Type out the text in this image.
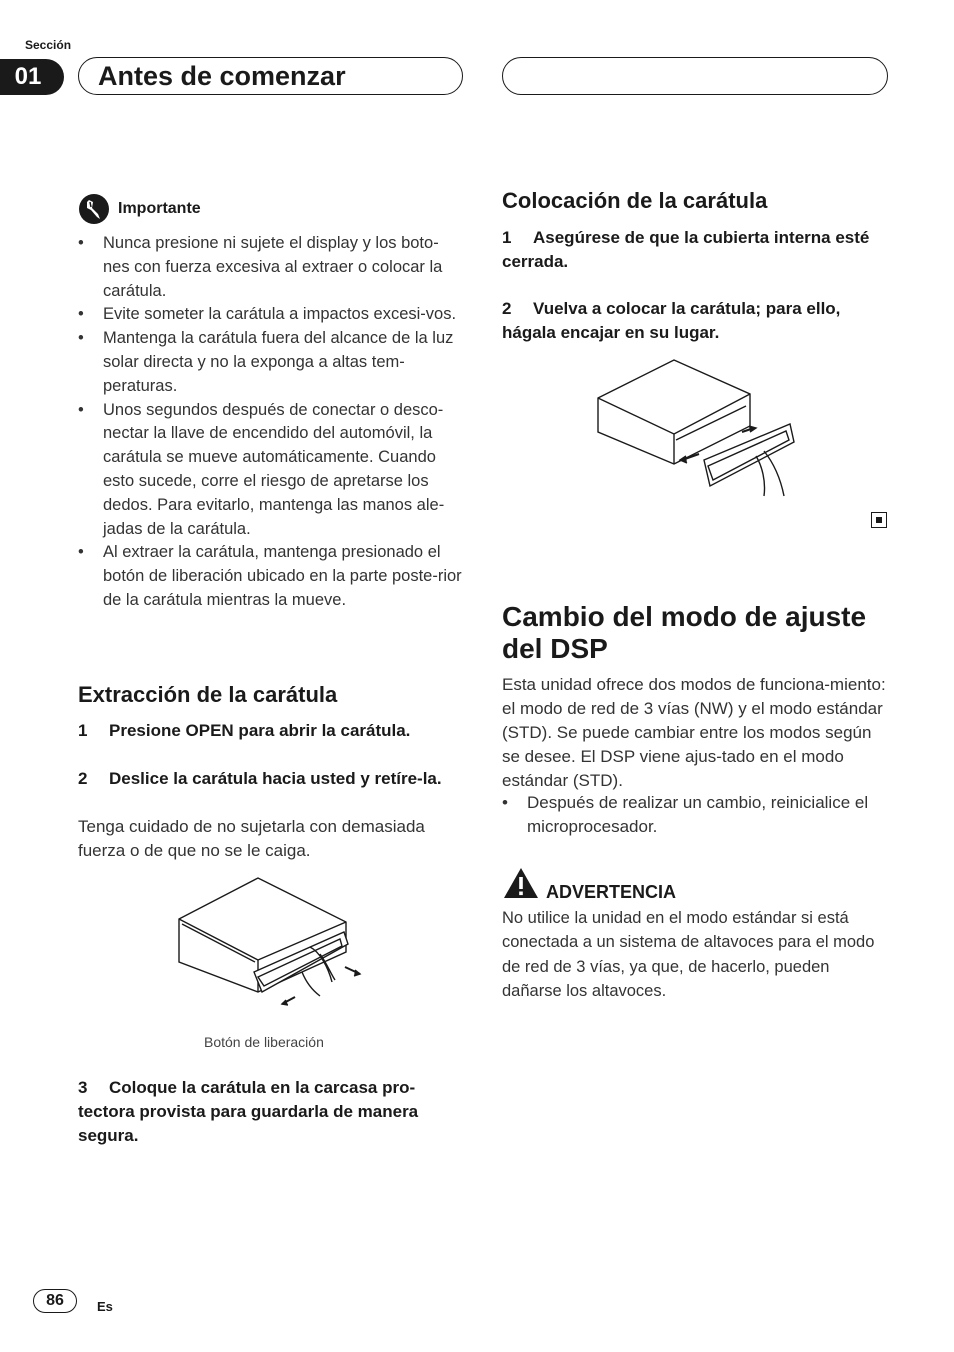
Sección
01	Antes de comenzar
Importante
• Nunca presione ni sujete el display y los boto-nes con fuerza excesiva al extraer o colocar la carátula.
• Evite someter la carátula a impactos excesi-vos.
• Mantenga la carátula fuera del alcance de la luz solar directa y no la exponga a altas tem-peraturas.
• Unos segundos después de conectar o desco-nectar la llave de encendido del automóvil, la carátula se mueve automáticamente. Cuando esto sucede, corre el riesgo de apretarse los dedos. Para evitarlo, mantenga las manos ale-jadas de la carátula.
• Al extraer la carátula, mantenga presionado el botón de liberación ubicado en la parte poste-rior de la carátula mientras la mueve.
Extracción de la carátula
1 Presione OPEN para abrir la carátula.
2 Deslice la carátula hacia usted y retíre-la.
Tenga cuidado de no sujetarla con demasiada fuerza o de que no se le caiga.
Botón de liberación
3 Coloque la carátula en la carcasa pro-tectora provista para guardarla de manera segura.
Colocación de la carátula
1 Asegúrese de que la cubierta interna esté cerrada.
2 Vuelva a colocar la carátula; para ello, hágala encajar en su lugar.
Cambio del modo de ajuste del DSP
Esta unidad ofrece dos modos de funciona-miento: el modo de red de 3 vías (NW) y el modo estándar (STD). Se puede cambiar entre los modos según se desee. El DSP viene ajus-tado en el modo estándar (STD).
• Después de realizar un cambio, reinicialice el microprocesador.
ADVERTENCIA
No utilice la unidad en el modo estándar si está conectada a un sistema de altavoces para el modo de red de 3 vías, ya que, de hacerlo, pueden dañarse los altavoces.
86	Es
